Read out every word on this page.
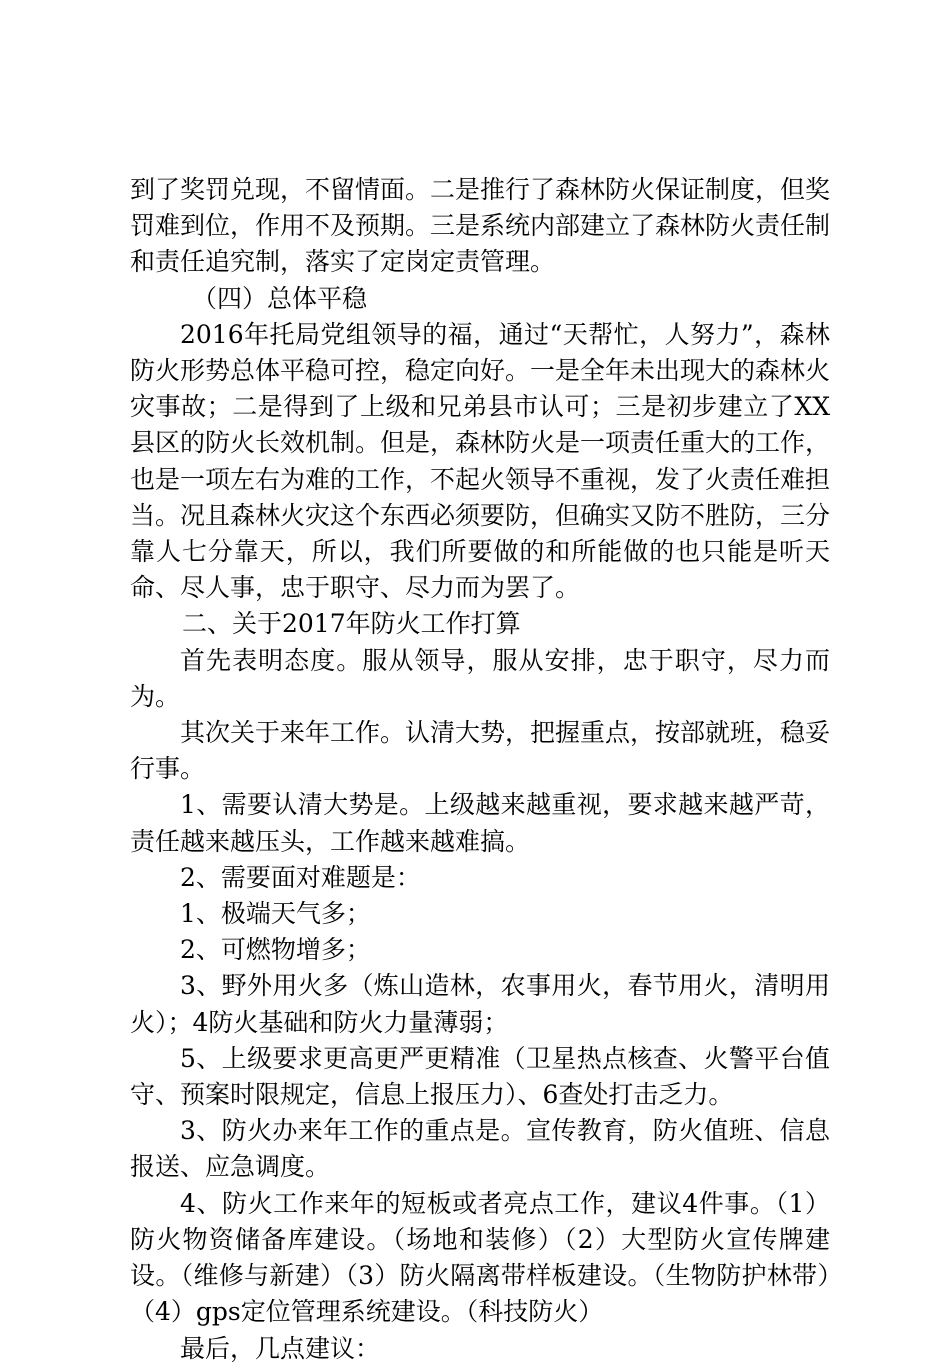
到了奖罚兑现，不留情面。二是推行了森林防火保证制度，但奖罚难到位，作用不及预期。三是系统内部建立了森林防火责任制和责任追究制，落实了定岗定责管理。

（四）总体平稳

2016年托局党组领导的福，通过“天帮忙，人努力”，森林防火形势总体平稳可控，稳定向好。一是全年未出现大的森林火灾事故；二是得到了上级和兄弟县市认可；三是初步建立了XX县区的防火长效机制。但是，森林防火是一项责任重大的工作，也是一项左右为难的工作，不起火领导不重视，发了火责任难担当。况且森林火灾这个东西必须要防，但确实又防不胜防，三分靠人七分靠天，所以，我们所要做的和所能做的也只能是听天命、尽人事，忠于职守、尽力而为罢了。

二、关于2017年防火工作打算

首先表明态度。服从领导，服从安排，忠于职守，尽力而为。

其次关于来年工作。认清大势，把握重点，按部就班，稳妥行事。

1、需要认清大势是。上级越来越重视，要求越来越严苛，责任越来越压头，工作越来越难搞。

2、需要面对难题是：

1、极端天气多；

2、可燃物增多；

3、野外用火多（炼山造林，农事用火，春节用火，清明用火）；4防火基础和防火力量薄弱；

5、上级要求更高更严更精准（卫星热点核查、火警平台值守、预案时限规定，信息上报压力）、6查处打击乏力。

3、防火办来年工作的重点是。宣传教育，防火值班、信息报送、应急调度。

4、防火工作来年的短板或者亮点工作，建议4件事。（1）防火物资储备库建设。（场地和装修）（2）大型防火宣传牌建设。（维修与新建）（3）防火隔离带样板建设。（生物防护林带）（4）gps定位管理系统建设。（科技防火）

最后，几点建议：
